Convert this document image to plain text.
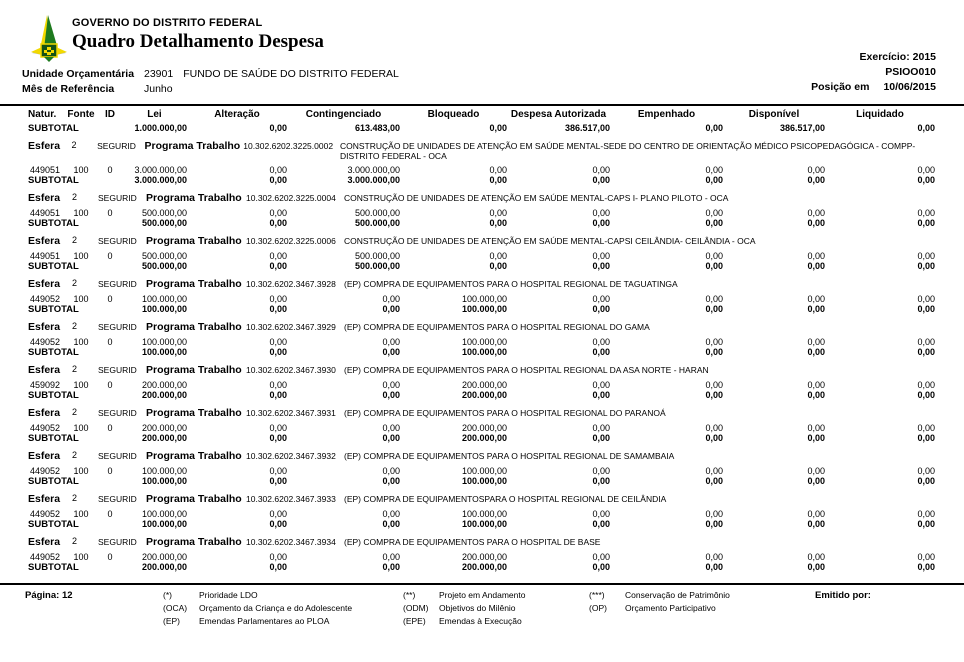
GOVERNO DO DISTRITO FEDERAL
Quadro Detalhamento Despesa
Exercício: 2015
PSIOO010
Posição em 10/06/2015
Unidade Orçamentária 23901 FUNDO DE SAÚDE DO DISTRITO FEDERAL
Mês de Referência	Junho
Natur.	Fonte	ID	Lei	Alteração	Contingenciado	Bloqueado	Despesa Autorizada	Empenhado	Disponível	Liquidado
SUBTOTAL			1.000.000,00	0,00	613.483,00	0,00	386.517,00	0,00	386.517,00	0,00

Esfera	2	SEGURID Programa Trabalho 10.302.6202.3225.0002 CONSTRUÇÃO DE UNIDADES DE ATENÇÃO EM SAÚDE MENTAL-SEDE DO CENTRO DE ORIENTAÇÃO MÉDICO PSICOPEDAGÓGICA - COMPP-DISTRITO FEDERAL - OCA

449051	100	0	3.000.000,00	0,00	3.000.000,00	0,00	0,00	0,00	0,00	0,00
SUBTOTAL			3.000.000,00	0,00	3.000.000,00	0,00	0,00	0,00	0,00	0,00

Esfera	2	SEGURID Programa Trabalho 10.302.6202.3225.0004 CONSTRUÇÃO DE UNIDADES DE ATENÇÃO EM SAÚDE MENTAL-CAPS I- PLANO PILOTO - OCA

449051	100	0	500.000,00	0,00	500.000,00	0,00	0,00	0,00	0,00	0,00
SUBTOTAL			500.000,00	0,00	500.000,00	0,00	0,00	0,00	0,00	0,00

Esfera	2	SEGURID Programa Trabalho 10.302.6202.3225.0006 CONSTRUÇÃO DE UNIDADES DE ATENÇÃO EM SAÚDE MENTAL-CAPSI CEILÂNDIA- CEILÂNDIA - OCA

449051	100	0	500.000,00	0,00	500.000,00	0,00	0,00	0,00	0,00	0,00
SUBTOTAL			500.000,00	0,00	500.000,00	0,00	0,00	0,00	0,00	0,00

Esfera	2	SEGURID Programa Trabalho 10.302.6202.3467.3928 (EP) COMPRA DE EQUIPAMENTOS PARA O HOSPITAL REGIONAL DE TAGUATINGA

449052	100	0	100.000,00	0,00	0,00	100.000,00	0,00	0,00	0,00	0,00
SUBTOTAL			100.000,00	0,00	0,00	100.000,00	0,00	0,00	0,00	0,00

Esfera	2	SEGURID Programa Trabalho 10.302.6202.3467.3929 (EP) COMPRA DE EQUIPAMENTOS PARA O HOSPITAL REGIONAL DO GAMA

449052	100	0	100.000,00	0,00	0,00	100.000,00	0,00	0,00	0,00	0,00
SUBTOTAL			100.000,00	0,00	0,00	100.000,00	0,00	0,00	0,00	0,00

Esfera	2	SEGURID Programa Trabalho 10.302.6202.3467.3930 (EP) COMPRA DE EQUIPAMENTOS PARA O HOSPITAL REGIONAL DA ASA NORTE - HARAN

459092	100	0	200.000,00	0,00	0,00	200.000,00	0,00	0,00	0,00	0,00
SUBTOTAL			200.000,00	0,00	0,00	200.000,00	0,00	0,00	0,00	0,00

Esfera	2	SEGURID Programa Trabalho 10.302.6202.3467.3931 (EP) COMPRA DE EQUIPAMENTOS PARA O HOSPITAL REGIONAL DO PARANOÁ

449052	100	0	200.000,00	0,00	0,00	200.000,00	0,00	0,00	0,00	0,00
SUBTOTAL			200.000,00	0,00	0,00	200.000,00	0,00	0,00	0,00	0,00

Esfera	2	SEGURID Programa Trabalho 10.302.6202.3467.3932 (EP) COMPRA DE EQUIPAMENTOS PARA O HOSPITAL REGIONAL DE SAMAMBAIA

449052	100	0	100.000,00	0,00	0,00	100.000,00	0,00	0,00	0,00	0,00
SUBTOTAL			100.000,00	0,00	0,00	100.000,00	0,00	0,00	0,00	0,00

Esfera	2	SEGURID Programa Trabalho 10.302.6202.3467.3933 (EP) COMPRA DE EQUIPAMENTOSPARA O HOSPITAL REGIONAL DE CEILÂNDIA

449052	100	0	100.000,00	0,00	0,00	100.000,00	0,00	0,00	0,00	0,00
SUBTOTAL			100.000,00	0,00	0,00	100.000,00	0,00	0,00	0,00	0,00

Esfera	2	SEGURID Programa Trabalho 10.302.6202.3467.3934 (EP) COMPRA DE EQUIPAMENTOS PARA O HOSPITAL DE BASE

449052	100	0	200.000,00	0,00	0,00	200.000,00	0,00	0,00	0,00	0,00
SUBTOTAL			200.000,00	0,00	0,00	200.000,00	0,00	0,00	0,00	0,00
Página: 12	(*)	Prioridade LDO
(OCA)	Orçamento da Criança e do Adolescente
(EP)	Emendas Parlamentares ao PLOA
(**)	Projeto em Andamento
(ODM)	Objetivos do Milênio
(EPE)	Emendas à Execução
(***)	Conservação de Patrimônio
(OP)	Orçamento Participativo
Emitido por:
